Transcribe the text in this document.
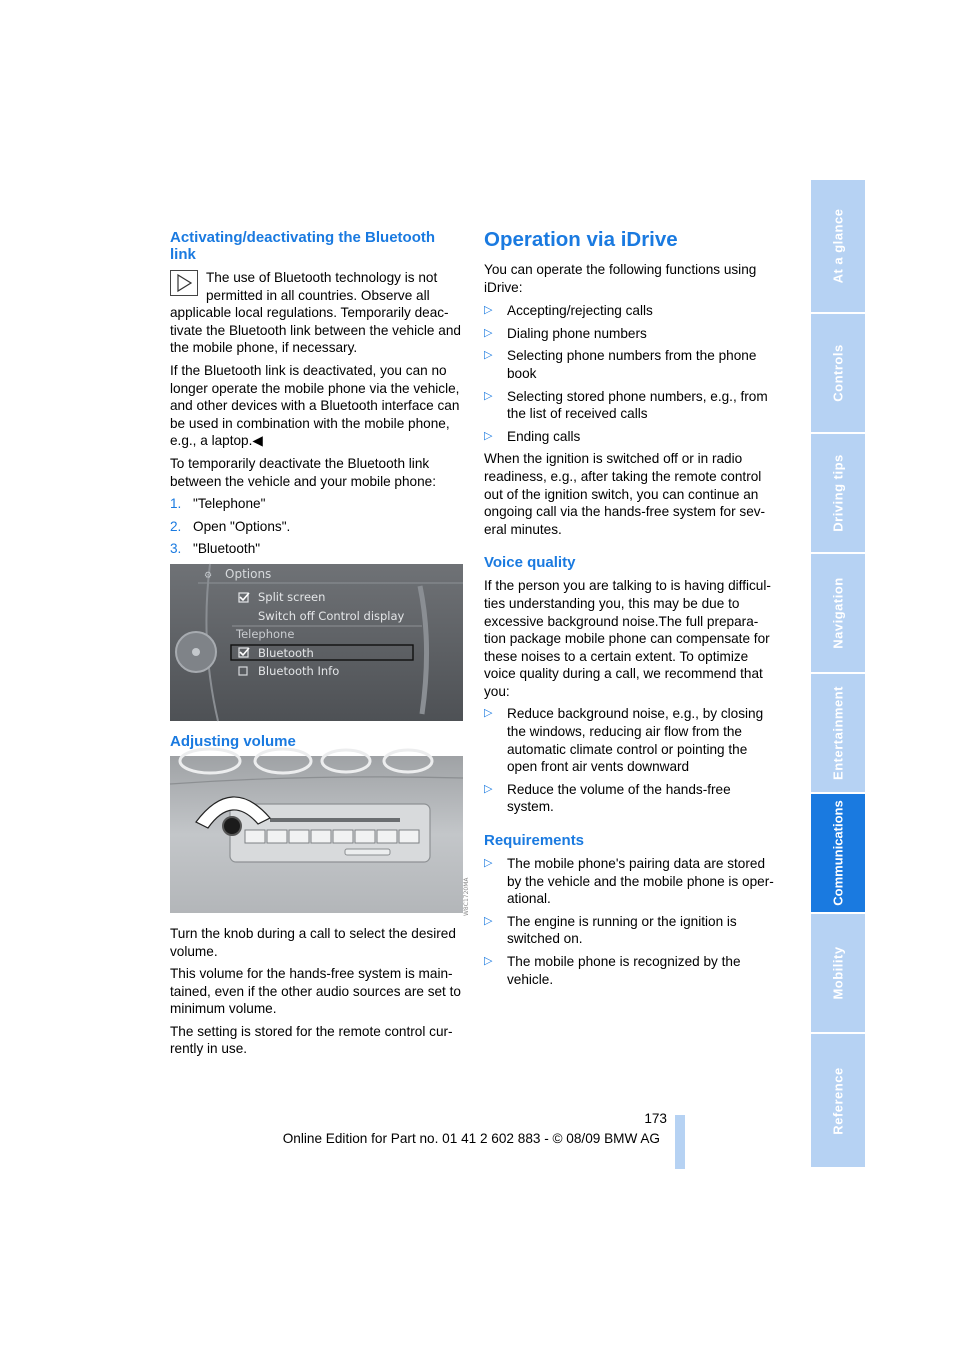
Activating/deactivating the Bluetooth link

The use of Bluetooth technology is not permitted in all countries. Observe all applicable local regulations. Temporarily deac-tivate the Bluetooth link between the vehicle and the mobile phone, if necessary.

If the Bluetooth link is deactivated, you can no longer operate the mobile phone via the vehicle, and other devices with a Bluetooth interface can be used in combination with the mobile phone, e.g., a laptop.◀

To temporarily deactivate the Bluetooth link between the vehicle and your mobile phone:

1. "Telephone"
2. Open "Options".
3. "Bluetooth"
⚙ Options
Split screen
Switch off Control display
Telephone
Bluetooth
Bluetooth Info
Adjusting volume
W8C1720MA

Turn the knob during a call to select the desired volume.

This volume for the hands-free system is main-tained, even if the other audio sources are set to minimum volume.

The setting is stored for the remote control cur-rently in use.

Operation via iDrive

You can operate the following functions using iDrive:

▷	Accepting/rejecting calls
▷	Dialing phone numbers
▷	Selecting phone numbers from the phone book
▷	Selecting stored phone numbers, e.g., from the list of received calls
▷	Ending calls

When the ignition is switched off or in radio readiness, e.g., after taking the remote control out of the ignition switch, you can continue an ongoing call via the hands-free system for sev-eral minutes.

Voice quality

If the person you are talking to is having difficul-ties understanding you, this may be due to excessive background noise.The full prepara-tion package mobile phone can compensate for these noises to a certain extent. To optimize voice quality during a call, we recommend that you:

▷	Reduce background noise, e.g., by closing the windows, reducing air flow from the automatic climate control or pointing the open front air vents downward
▷	Reduce the volume of the hands-free system.
Requirements
▷	The mobile phone's pairing data are stored by the vehicle and the mobile phone is oper-ational.
▷	The engine is running or the ignition is switched on.
▷	The mobile phone is recognized by the vehicle.
At a glance
Controls
Driving tips
Navigation
Entertainment
Communications
Mobility
Reference
173
Online Edition for Part no. 01 41 2 602 883 - © 08/09 BMW AG
